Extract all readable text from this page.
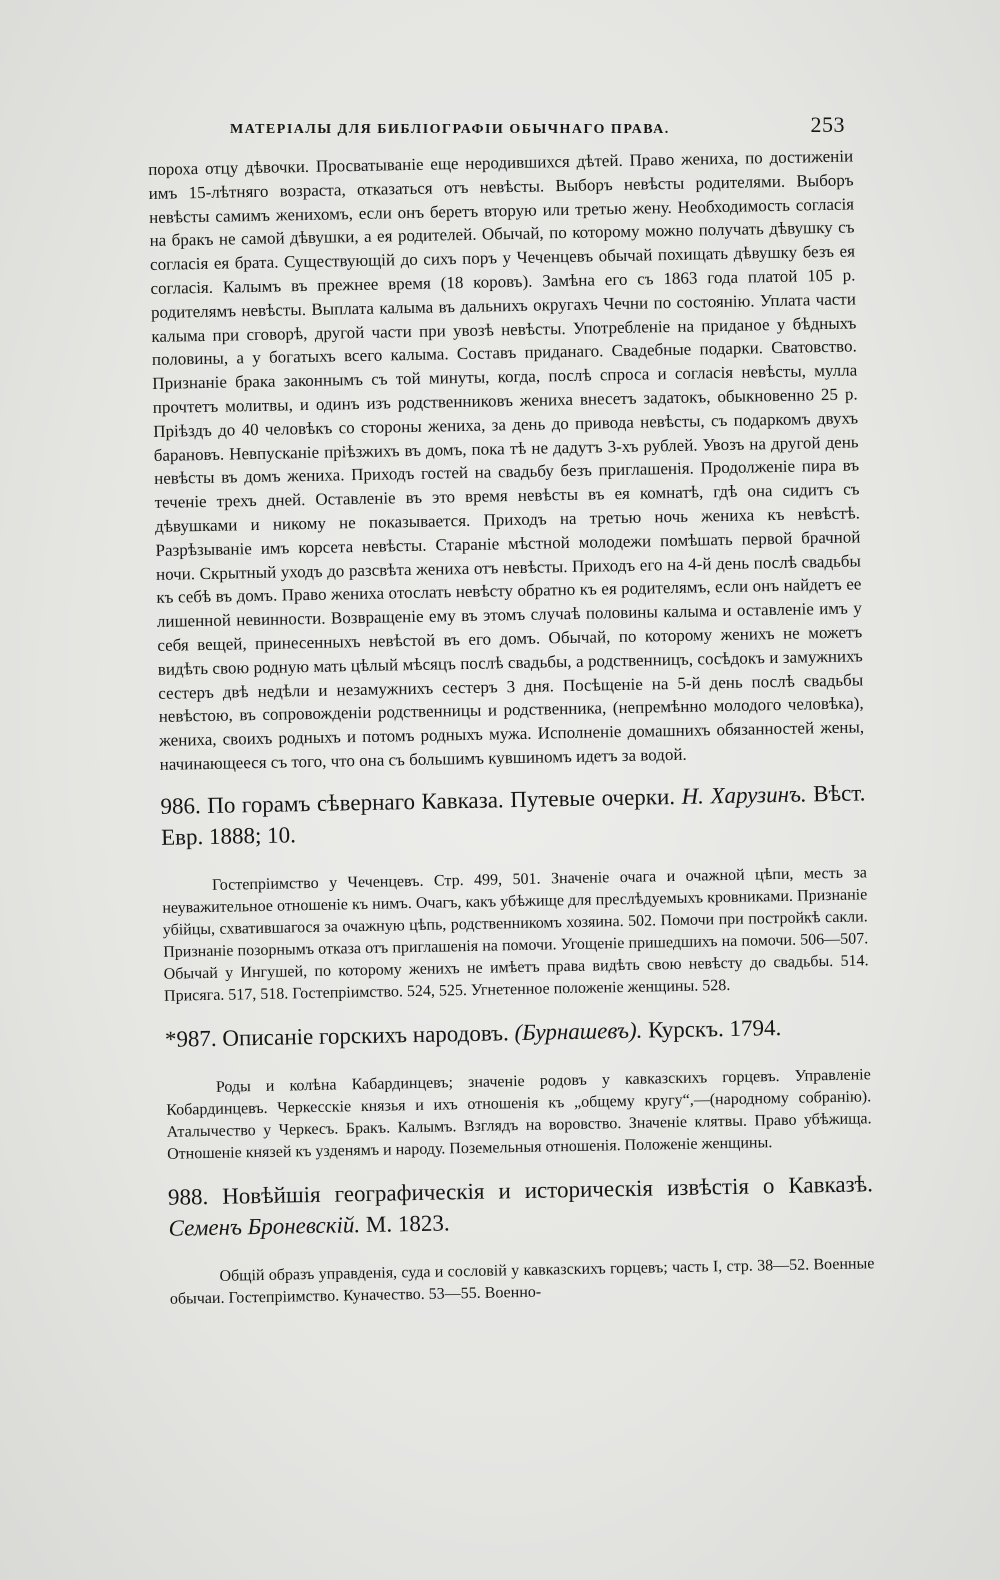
МАТЕРІАЛЫ ДЛЯ БИБЛІОГРАФІИ ОБЫЧНАГО ПРАВА.	253

пороха отцу дѣвочки. Просватываніе еще неродившихся дѣтей. Право жениха, по достиженіи имъ 15-лѣтняго возраста, отказаться отъ невѣсты. Выборъ невѣсты родителями. Выборъ невѣсты самимъ женихомъ, если онъ беретъ вторую или третью жену. Необходимость согласія на бракъ не самой дѣвушки, а ея родителей. Обычай, по которому можно получать дѣвушку съ согласія ея брата. Существующій до сихъ поръ у Чеченцевъ обычай похищать дѣвушку безъ ея согласія. Калымъ въ прежнее время (18 коровъ). Замѣна его съ 1863 года платой 105 р. родителямъ невѣсты. Выплата калыма въ дальнихъ округахъ Чечни по состоянію. Уплата части калыма при сговорѣ, другой части при увозѣ невѣсты. Употребленіе на приданое у бѣдныхъ половины, а у богатыхъ всего калыма. Составъ приданаго. Свадебные подарки. Сватовство. Признаніе брака законнымъ съ той минуты, когда, послѣ спроса и согласія невѣсты, мулла прочтетъ молитвы, и одинъ изъ родственниковъ жениха внесетъ задатокъ, обыкновенно 25 р. Пріѣздъ до 40 человѣкъ со стороны жениха, за день до привода невѣсты, съ подаркомъ двухъ барановъ. Невпусканіе пріѣзжихъ въ домъ, пока тѣ не дадутъ 3-хъ рублей. Увозъ на другой день невѣсты въ домъ жениха. Приходъ гостей на свадьбу безъ приглашенія. Продолженіе пира въ теченіе трехъ дней. Оставленіе въ это время невѣсты въ ея комнатѣ, гдѣ она сидитъ съ дѣвушками и никому не показывается. Приходъ на третью ночь жениха къ невѣстѣ. Разрѣзываніе имъ корсета невѣсты. Стараніе мѣстной молодежи помѣшать первой брачной ночи. Скрытный уходъ до разсвѣта жениха отъ невѣсты. Приходъ его на 4-й день послѣ свадьбы къ себѣ въ домъ. Право жениха отослать невѣсту обратно къ ея родителямъ, если онъ найдетъ ее лишенной невинности. Возвращеніе ему въ этомъ случаѣ половины калыма и оставленіе имъ у себя вещей, принесенныхъ невѣстой въ его домъ. Обычай, по которому женихъ не можетъ видѣть свою родную мать цѣлый мѣсяцъ послѣ свадьбы, а родственницъ, сосѣдокъ и замужнихъ сестеръ двѣ недѣли и незамужнихъ сестеръ 3 дня. Посѣщеніе на 5-й день послѣ свадьбы невѣстою, въ сопровожденіи родственницы и родственника, (непремѣнно молодого человѣка), жениха, своихъ родныхъ и потомъ родныхъ мужа. Исполненіе домашнихъ обязанностей жены, начинающееся съ того, что она съ большимъ кувшиномъ идетъ за водой.

986. По горамъ сѣвернаго Кавказа. Путевые очерки. Н. Харузинъ. Вѣст. Евр. 1888; 10.

Гостепріимство у Чеченцевъ. Стр. 499, 501. Значеніе очага и очажной цѣпи, месть за неуважительное отношеніе къ нимъ. Очагъ, какъ убѣжище для преслѣдуемыхъ кровниками. Признаніе убійцы, схватившагося за очажную цѣпь, родственникомъ хозяина. 502. Помочи при постройкѣ сакли. Признаніе позорнымъ отказа отъ приглашенія на помочи. Угощеніе пришедшихъ на помочи. 506—507. Обычай у Ингушей, по которому женихъ не имѣетъ права видѣть свою невѣсту до свадьбы. 514. Присяга. 517, 518. Гостепріимство. 524, 525. Угнетенное положеніе женщины. 528.

*987. Описаніе горскихъ народовъ. (Бурнашевъ). Курскъ. 1794.

Роды и колѣна Кабардинцевъ; значеніе родовъ у кавказскихъ горцевъ. Управленіе Кобардинцевъ. Черкесскіе князья и ихъ отношенія къ „общему кругу“,—(народному собранію). Аталычество у Черкесъ. Бракъ. Калымъ. Взглядъ на воровство. Значеніе клятвы. Право убѣжища. Отношеніе князей къ узденямъ и народу. Поземельныя отношенія. Положеніе женщины.

988. Новѣйшія географическія и историческія извѣстія о Кавказѣ. Семенъ Броневскій. М. 1823.

Общій образъ управденія, суда и сословій у кавказскихъ горцевъ; часть I, стр. 38—52. Военные обычаи. Гостепріимство. Куначество. 53—55. Военно-
